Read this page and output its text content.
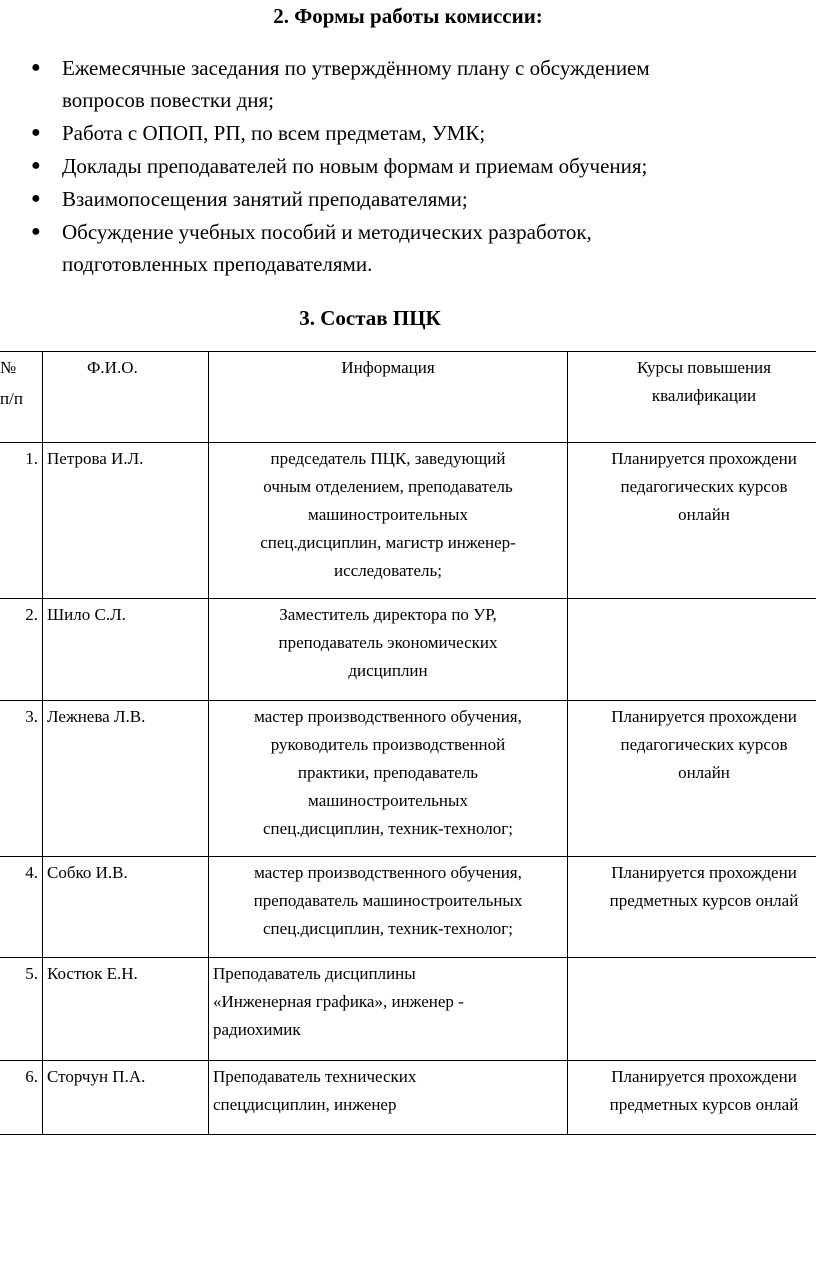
2. Формы работы комиссии:
● Ежемесячные заседания по утверждённому плану с обсуждением
вопросов повестки дня;
● Работа с ОПОП, РП, по всем предметам, УМК;
● Доклады преподавателей по новым формам и приемам обучения;
● Взаимопосещения занятий преподавателями;
● Обсуждение учебных пособий и методических разработок,
подготовленных преподавателями.
3. Состав ПЦК
№
п/п	Ф.И.О.	Информация	Курсы повышения
квалификации
1.	Петрова И.Л.	председатель ПЦК, заведующий
очным отделением, преподаватель
машиностроительных
спец.дисциплин, магистр инженер-
исследователь;	Планируется прохождени
педагогических курсов
онлайн
2.	Шило С.Л.	Заместитель директора по УР,
преподаватель экономических
дисциплин	
3.	Лежнева Л.В.	мастер производственного обучения,
руководитель производственной
практики, преподаватель
машиностроительных
спец.дисциплин, техник-технолог;	Планируется прохождени
педагогических курсов
онлайн
4.	Собко И.В.	мастер производственного обучения,
преподаватель машиностроительных
спец.дисциплин, техник-технолог;	Планируется прохождени
предметных курсов онлай
5.	Костюк Е.Н.	Преподаватель дисциплины
«Инженерная графика», инженер -
радиохимик	
6.	Сторчун П.А.	Преподаватель технических
спецдисциплин, инженер	Планируется прохождени
предметных курсов онлай
